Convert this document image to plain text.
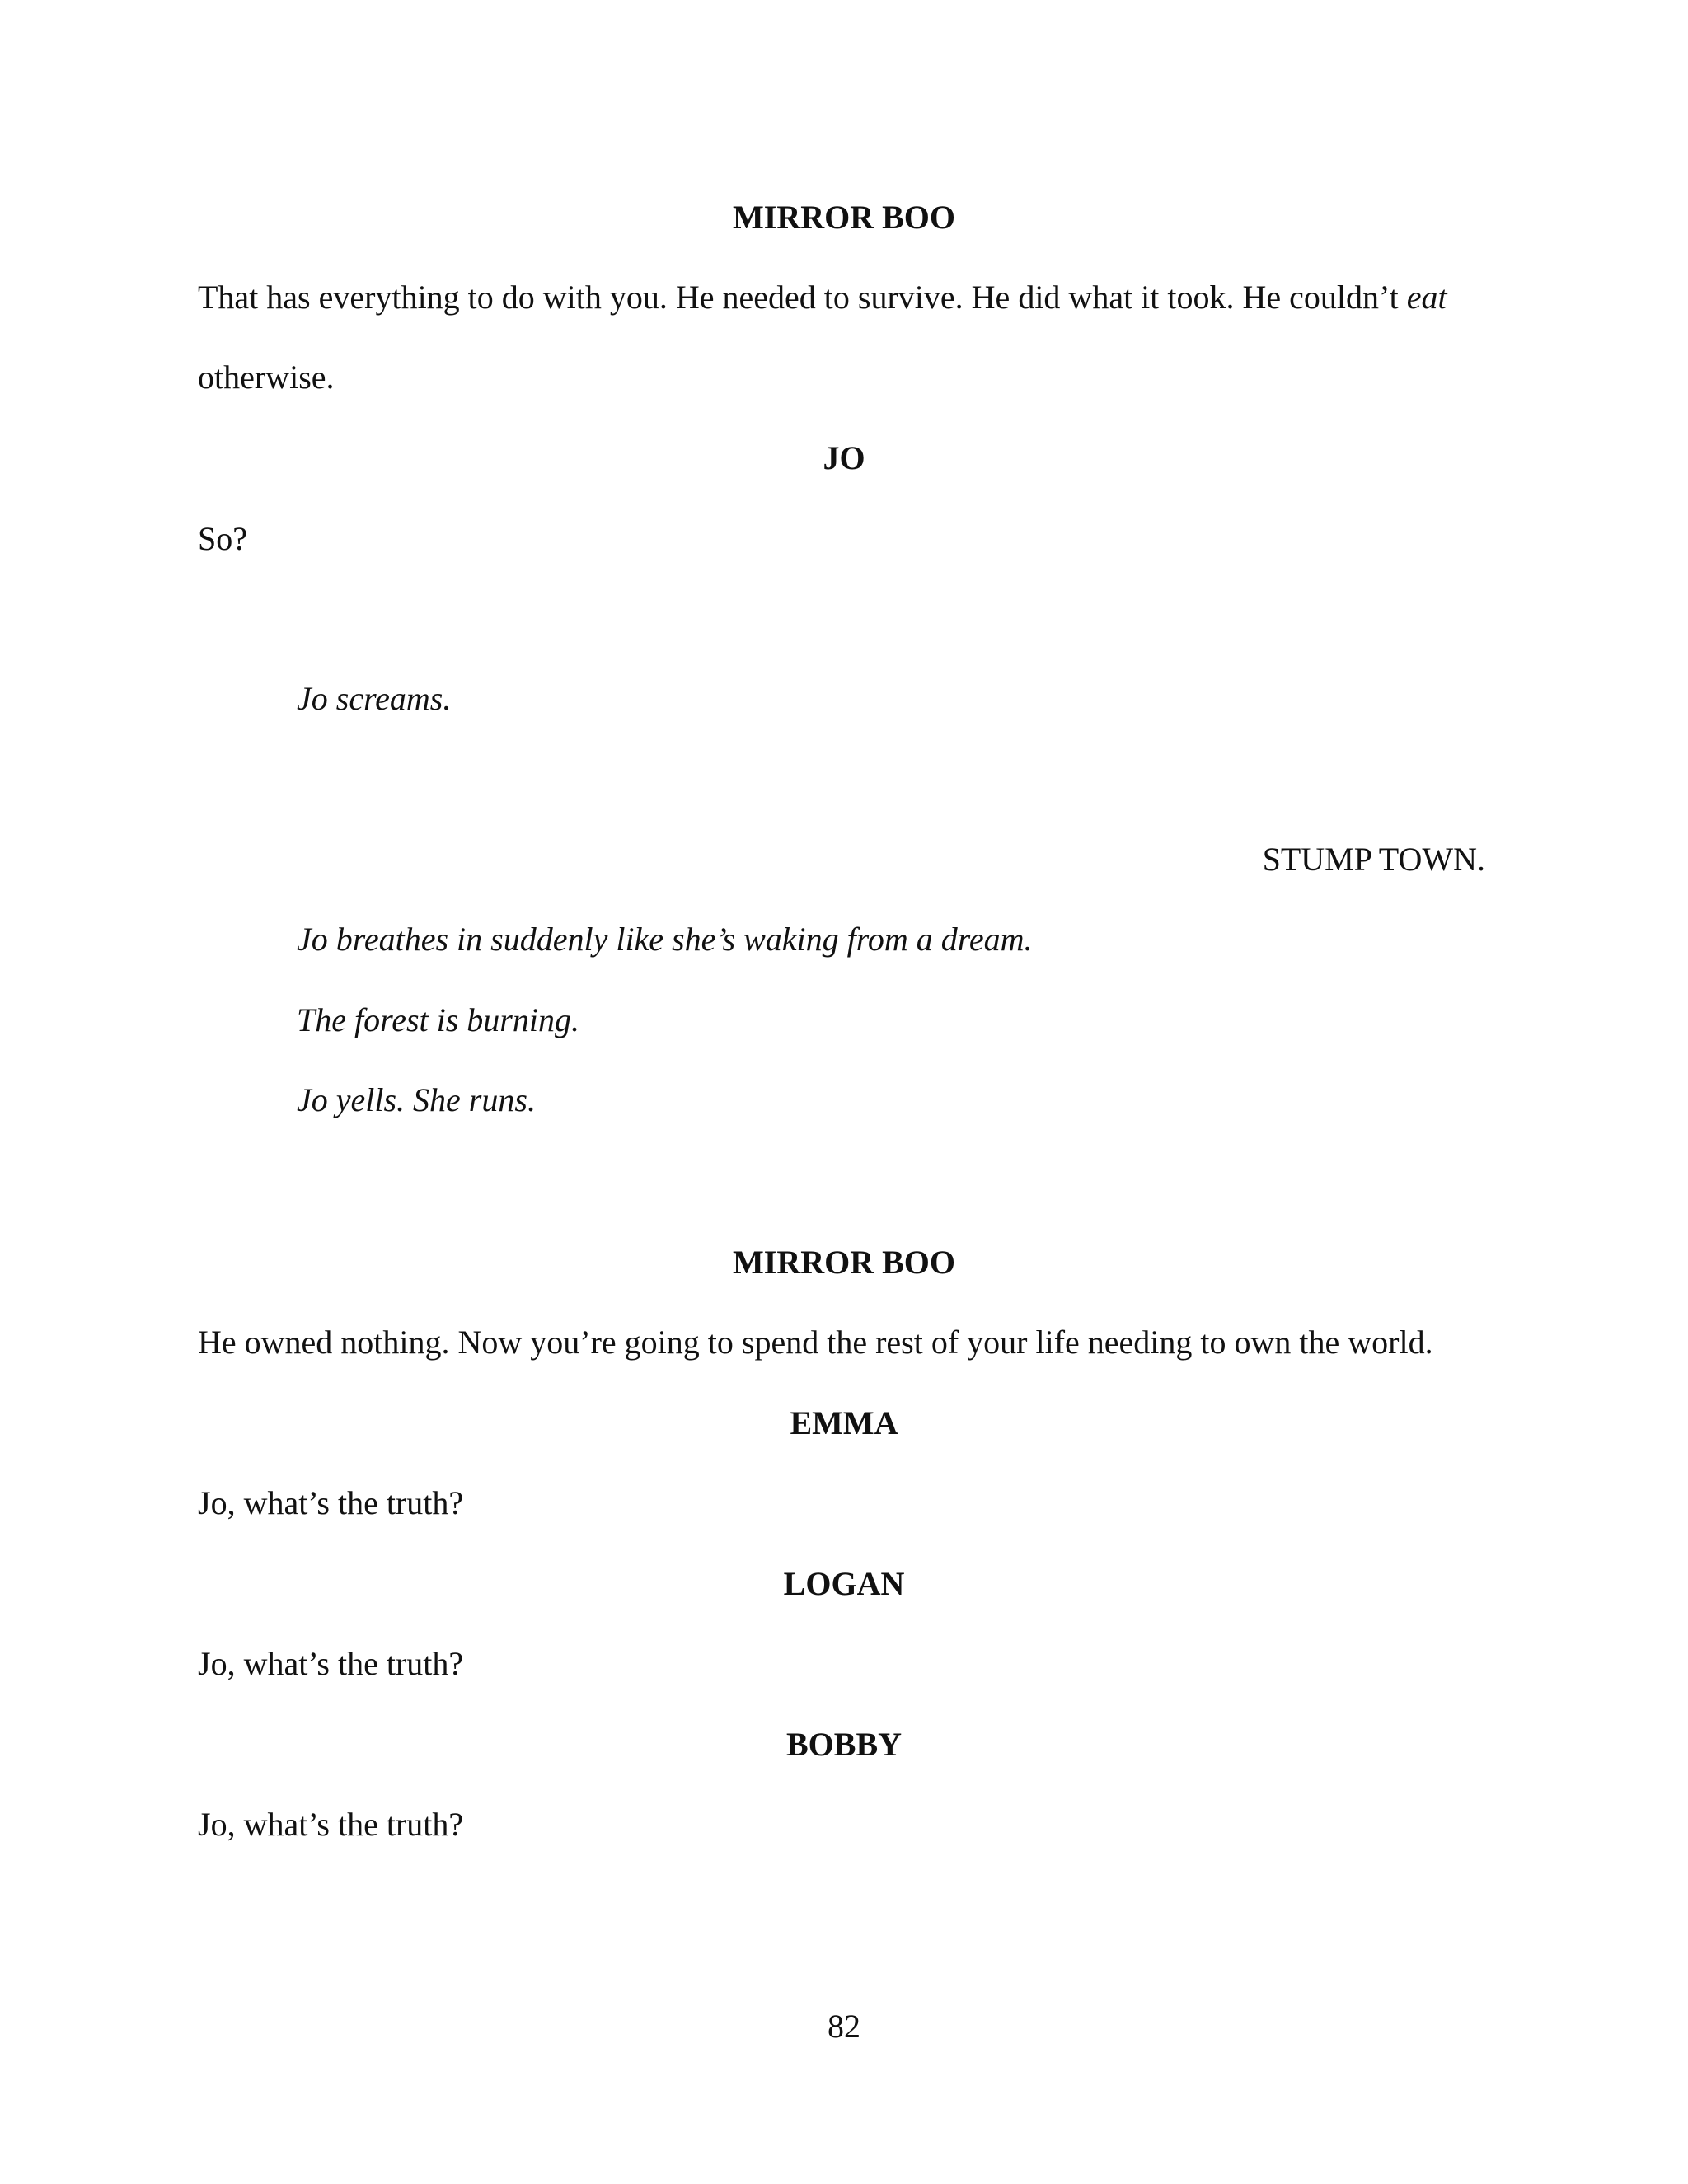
MIRROR BOO
That has everything to do with you. He needed to survive. He did what it took. He couldn’t eat
otherwise.
JO
So?
Jo screams.
STUMP TOWN.
Jo breathes in suddenly like she’s waking from a dream.
The forest is burning.
Jo yells. She runs.
MIRROR BOO
He owned nothing. Now you’re going to spend the rest of your life needing to own the world.
EMMA
Jo, what’s the truth?
LOGAN
Jo, what’s the truth?
BOBBY
Jo, what’s the truth?
82
